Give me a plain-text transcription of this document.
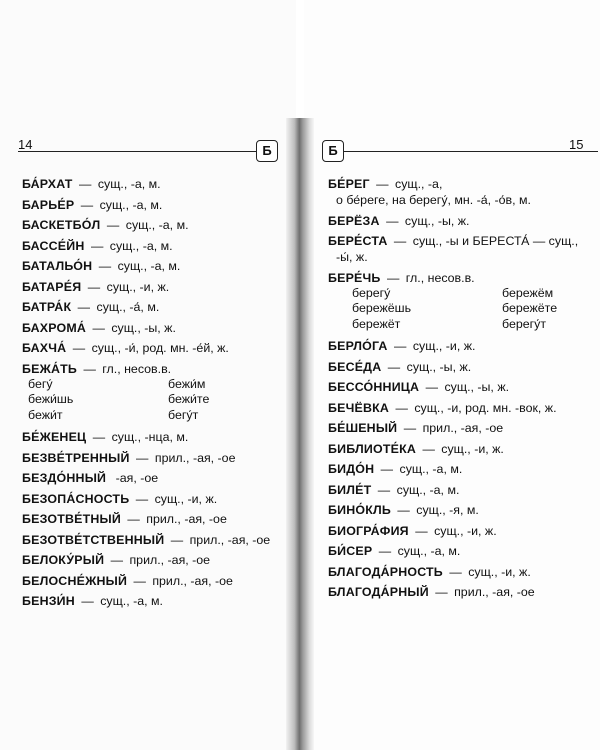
14	Б
БА́РХАТ — сущ., -а, м.
БАРЬЕ́Р — сущ., -а, м.
БАСКЕТБО́Л — сущ., -а, м.
БАССЕ́ЙН — сущ., -а, м.
БАТАЛЬО́Н — сущ., -а, м.
БАТАРЕ́Я — сущ., -и, ж.
БАТРА́К — сущ., -а́, м.
БАХРОМА́ — сущ., -ы, ж.
БАХЧА́ — сущ., -и́, род. мн. -е́й, ж.
БЕЖА́ТЬ — гл., несов.в.
бегу́	бежи́м
бежи́шь	бежи́те
бежи́т	бегу́т
БЕ́ЖЕНЕЦ — сущ., -нца, м.
БЕЗВЕ́ТРЕННЫЙ — прил., -ая, -ое
БЕЗДО́ННЫЙ -ая, -ое
БЕЗОПА́СНОСТЬ — сущ., -и, ж.
БЕЗОТВЕ́ТНЫЙ — прил., -ая, -ое
БЕЗОТВЕ́ТСТВЕННЫЙ — прил., -ая, -ое
БЕЛОКУ́РЫЙ — прил., -ая, -ое
БЕЛОСНЕ́ЖНЫЙ — прил., -ая, -ое
БЕНЗИ́Н — сущ., -а, м.
15
Б
БЕ́РЕГ — сущ., -а,
о бе́реге, на берегу́, мн. -а́, -о́в, м.
БЕРЁЗА — сущ., -ы, ж.
БЕРЕ́СТА — сущ., -ы и БЕРЕСТА́ — сущ.,
-ы́, ж.
БЕРЕ́ЧЬ — гл., несов.в.
берегу́	бережём
бережёшь	бережёте
бережёт	берегу́т
БЕРЛО́ГА — сущ., -и, ж.
БЕСЕ́ДА — сущ., -ы, ж.
БЕССО́ННИЦА — сущ., -ы, ж.
БЕЧЁВКА — сущ., -и, род. мн. -вок, ж.
БЕ́ШЕНЫЙ — прил., -ая, -ое
БИБЛИОТЕ́КА — сущ., -и, ж.
БИДО́Н — сущ., -а, м.
БИЛЕ́Т — сущ., -а, м.
БИНО́КЛЬ — сущ., -я, м.
БИОГРА́ФИЯ — сущ., -и, ж.
БИ́СЕР — сущ., -а, м.
БЛАГОДА́РНОСТЬ — сущ., -и, ж.
БЛАГОДА́РНЫЙ — прил., -ая, -ое
